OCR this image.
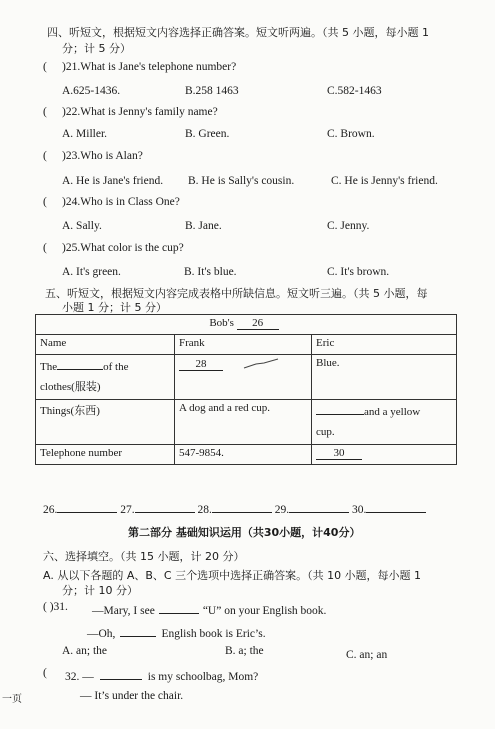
四、听短文，根据短文内容选择正确答案。短文听两遍。（共 5 小题，每小题 1
分；计 5 分）
( )21.What is Jane's telephone number?
A.625-1436.	B.258 1463	C.582-1463
( )22.What is Jenny's family name?
A. Miller.	B. Green.	C. Brown.
( )23.Who is Alan?
A. He is Jane's friend. B. He is Sally's cousin.	C. He is Jenny's friend.
( )24.Who is in Class One?
A. Sally.	B. Jane.	C. Jenny.
( )25.What color is the cup?
A. It's green.	B. It's blue.	C. It's brown.
五、听短文，根据短文内容完成表格中所缺信息。短文听三遍。（共 5 小题，每
小题 1 分；计 5 分）
Bob's 26		
Name	Frank	Eric
The of the
clothes(服装)	28	Blue.
Things(东西)	A dog and a red cup.	and a yellow
cup.
Telephone number	547-9854.	30
26.	27.	28.	29.	30.
第二部分 基础知识运用（共30小题，计40分）
六、选择填空。（共 15 小题，计 20 分）
A. 从以下各题的 A、B、C 三个选项中选择正确答案。（共 10 小题，每小题 1
分；计 10 分）
( )31. —Mary, I see	“U” on your English book.
—Oh,	English book is Eric’s.
A. an; the	B. a; the	C. an; an
( 32. —	is my schoolbag, Mom?
— It’s under the chair.
一页
